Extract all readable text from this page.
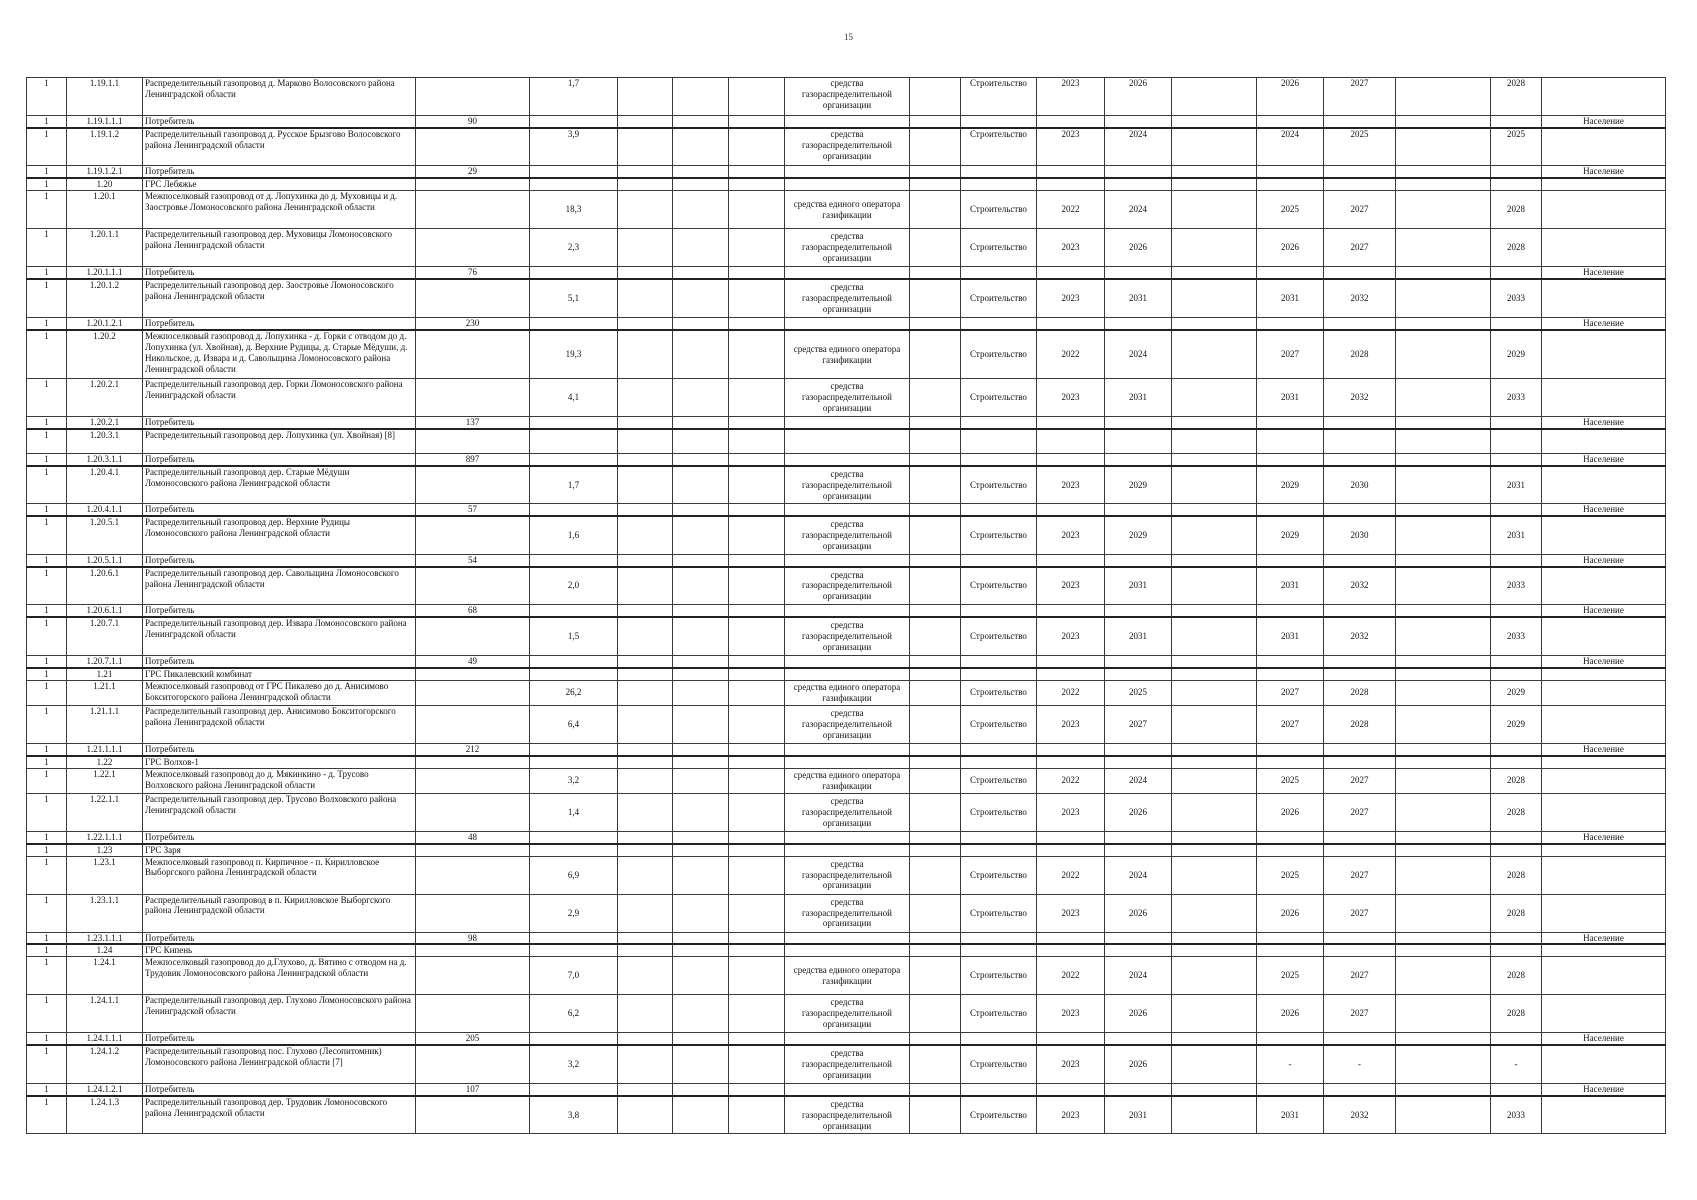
15
1	1.19.1.1	Распределительный газопровод д. Марково Волосовского района Ленинградской области		1,7				средства газораспределительной организации		Строительство	2023	2026		2026	2027		2028	
1	1.19.1.1.1	Потребитель	90															Население
1	1.19.1.2	Распределительный газопровод д. Русское Брызгово Волосовского района Ленинградской области		3,9				средства газораспределительной организации		Строительство	2023	2024		2024	2025		2025	
1	1.19.1.2.1	Потребитель	29															Население
1	1.20	ГРС Лебяжье																
1	1.20.1	Межпоселковый газопровод от д. Лопухинка до д. Муховицы и д. Заостровье Ломоносовского района Ленинградской области		18,3				средства единого оператора газификации		Строительство	2022	2024		2025	2027		2028	
1	1.20.1.1	Распределительный газопровод дер. Муховицы Ломоносовского района Ленинградской области		2,3				средства газораспределительной организации		Строительство	2023	2026		2026	2027		2028	
1	1.20.1.1.1	Потребитель	76															Население
1	1.20.1.2	Распределительный газопровод дер. Заостровье Ломоносовского района Ленинградской области		5,1				средства газораспределительной организации		Строительство	2023	2031		2031	2032		2033	
1	1.20.1.2.1	Потребитель	230															Население
1	1.20.2	Межпоселковый газопровод д. Лопухинка - д. Горки с отводом до д. Лопухинка (ул. Хвойная), д. Верхние Рудицы, д. Старые Мёдуши, д. Никольское, д. Извара и д. Савольщина Ломоносовского района Ленинградской области		19,3				средства единого оператора газификации		Строительство	2022	2024		2027	2028		2029	
1	1.20.2.1	Распределительный газопровод дер. Горки Ломоносовского района Ленинградской области		4,1				средства газораспределительной организации		Строительство	2023	2031		2031	2032		2033	
1	1.20.2.1	Потребитель	137															Население
1	1.20.3.1	Распределительный газопровод дер. Лопухинка (ул. Хвойная) [8]																
1	1.20.3.1.1	Потребитель	897															Население
1	1.20.4.1	Распределительный газопровод дер. Старые Мёдуши Ломоносовского района Ленинградской области		1,7				средства газораспределительной организации		Строительство	2023	2029		2029	2030		2031	
1	1.20.4.1.1	Потребитель	57															Население
1	1.20.5.1	Распределительный газопровод дер. Верхние Рудицы Ломоносовского района Ленинградской области		1,6				средства газораспределительной организации		Строительство	2023	2029		2029	2030		2031	
1	1.20.5.1.1	Потребитель	54															Население
1	1.20.6.1	Распределительный газопровод дер. Савольщина Ломоносовского района Ленинградской области		2,0				средства газораспределительной организации		Строительство	2023	2031		2031	2032		2033	
1	1.20.6.1.1	Потребитель	68															Население
1	1.20.7.1	Распределительный газопровод дер. Извара Ломоносовского района Ленинградской области		1,5				средства газораспределительной организации		Строительство	2023	2031		2031	2032		2033	
1	1.20.7.1.1	Потребитель	49															Население
1	1.21	ГРС Пикалевский комбинат																
1	1.21.1	Межпоселковый газопровод от ГРС Пикалево до д. Анисимово Бокситогорского района Ленинградской области		26,2				средства единого оператора газификации		Строительство	2022	2025		2027	2028		2029	
1	1.21.1.1	Распределительный газопровод дер. Анисимово Бокситогорского района Ленинградской области		6,4				средства газораспределительной организации		Строительство	2023	2027		2027	2028		2029	
1	1.21.1.1.1	Потребитель	212															Население
1	1.22	ГРС Волхов-1																
1	1.22.1	Межпоселковый газопровод до д. Мякинкино - д. Трусово Волховского района Ленинградской области		3,2				средства единого оператора газификации		Строительство	2022	2024		2025	2027		2028	
1	1.22.1.1	Распределительный газопровод дер. Трусово Волховского района Ленинградской области		1,4				средства газораспределительной организации		Строительство	2023	2026		2026	2027		2028	
1	1.22.1.1.1	Потребитель	48															Население
1	1.23	ГРС Заря																
1	1.23.1	Межпоселковый газопровод п. Кирпичное - п. Кирилловское Выборгского района Ленинградской области		6,9				средства газораспределительной организации		Строительство	2022	2024		2025	2027		2028	
1	1.23.1.1	Распределительный газопровод в п. Кирилловское Выборгского района Ленинградской области		2,9				средства газораспределительной организации		Строительство	2023	2026		2026	2027		2028	
1	1.23.1.1.1	Потребитель	98															Население
1	1.24	ГРС Кипень																
1	1.24.1	Межпоселковый газопровод до д.Глухово, д. Вятино с отводом на д. Трудовик Ломоносовского района Ленинградской области		7,0				средства единого оператора газификации		Строительство	2022	2024		2025	2027		2028	
1	1.24.1.1	Распределительный газопровод дер. Глухово Ломоносовского района Ленинградской области		6,2				средства газораспределительной организации		Строительство	2023	2026		2026	2027		2028	
1	1.24.1.1.1	Потребитель	205															Население
1	1.24.1.2	Распределительный газопровод пос. Глухово (Лесопитомник) Ломоносовского района Ленинградской области [7]		3,2				средства газораспределительной организации		Строительство	2023	2026		-	-		-	
1	1.24.1.2.1	Потребитель	107															Население
1	1.24.1.3	Распределительный газопровод дер. Трудовик Ломоносовского района Ленинградской области		3,8				средства газораспределительной организации		Строительство	2023	2031		2031	2032		2033	
